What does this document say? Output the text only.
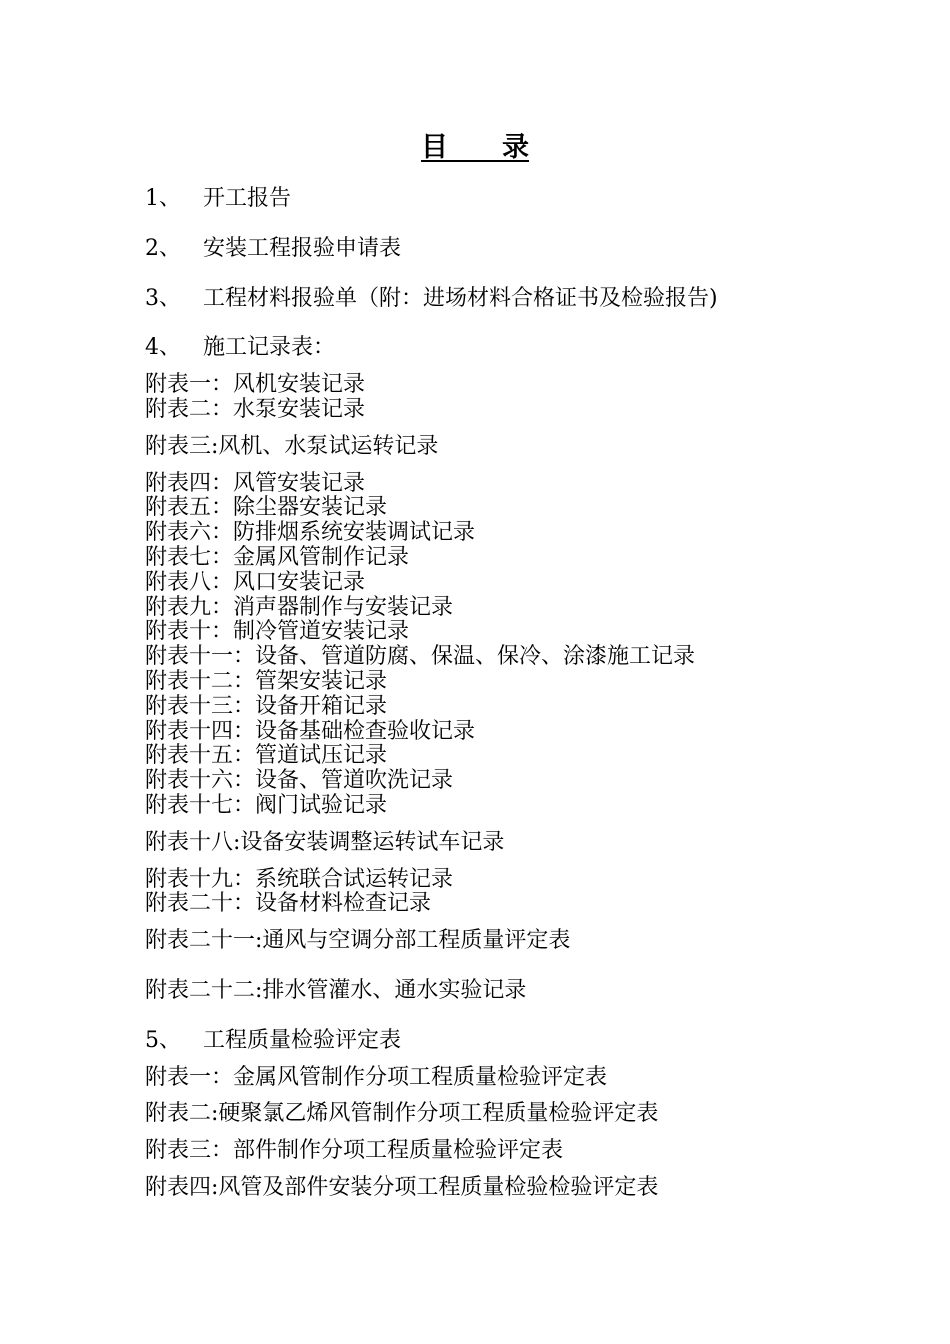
目　　录
1、 开工报告
2、 安装工程报验申请表
3、 工程材料报验单（附：进场材料合格证书及检验报告)
4、 施工记录表：
附表一：风机安装记录
附表二：水泵安装记录
附表三:风机、水泵试运转记录
附表四：风管安装记录
附表五：除尘器安装记录
附表六：防排烟系统安装调试记录
附表七：金属风管制作记录
附表八：风口安装记录
附表九：消声器制作与安装记录
附表十：制冷管道安装记录
附表十一：设备、管道防腐、保温、保冷、涂漆施工记录
附表十二：管架安装记录
附表十三：设备开箱记录
附表十四：设备基础检查验收记录
附表十五：管道试压记录
附表十六：设备、管道吹洗记录
附表十七：阀门试验记录
附表十八:设备安装调整运转试车记录
附表十九：系统联合试运转记录
附表二十：设备材料检查记录
附表二十一:通风与空调分部工程质量评定表
附表二十二:排水管灌水、通水实验记录
5、 工程质量检验评定表
附表一：金属风管制作分项工程质量检验评定表
附表二:硬聚氯乙烯风管制作分项工程质量检验评定表
附表三：部件制作分项工程质量检验评定表
附表四:风管及部件安装分项工程质量检验检验评定表
